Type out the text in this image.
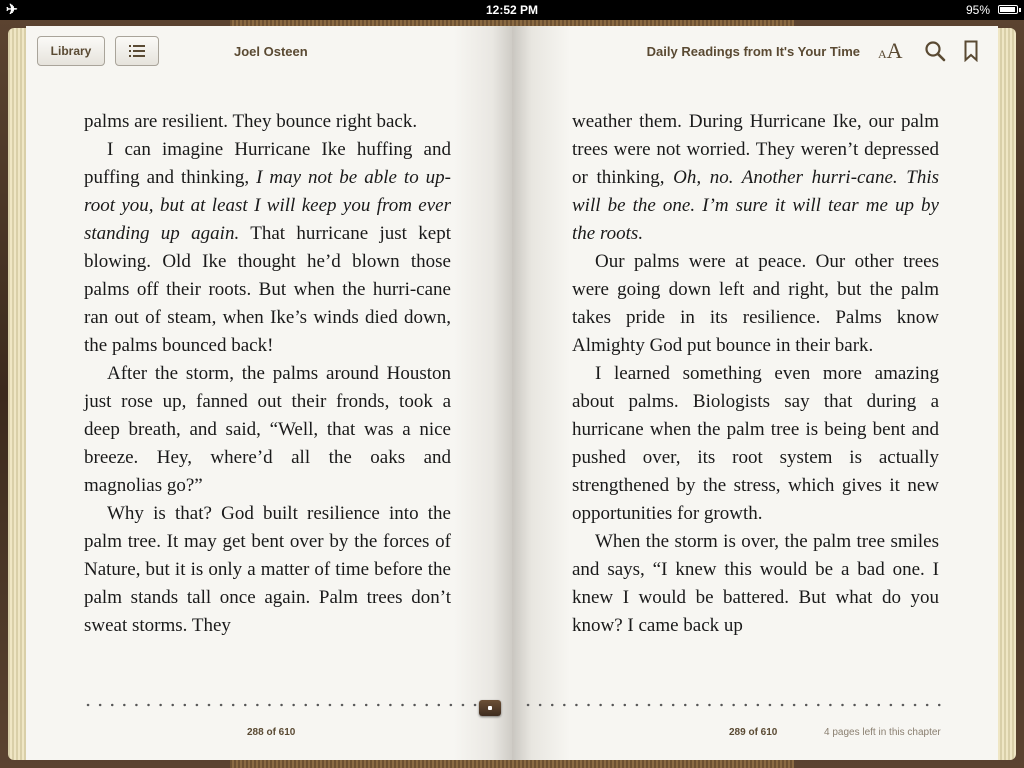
✈	12:52 PM	95%
Library	Joel Osteen	Daily Readings from It's Your Time AA

palms are resilient. They bounce right back.

I can imagine Hurricane Ike huffing and puffing and thinking, I may not be able to up-root you, but at least I will keep you from ever standing up again. That hurricane just kept blowing. Old Ike thought he’d blown those palms off their roots. But when the hurri-cane ran out of steam, when Ike’s winds died down, the palms bounced back!

After the storm, the palms around Houston just rose up, fanned out their fronds, took a deep breath, and said, “Well, that was a nice breeze. Hey, where’d all the oaks and magnolias go?”

Why is that? God built resilience into the palm tree. It may get bent over by the forces of Nature, but it is only a matter of time before the palm stands tall once again. Palm trees don’t sweat storms. They

weather them. During Hurricane Ike, our palm trees were not worried. They weren’t depressed or thinking, Oh, no. Another hurri-cane. This will be the one. I’m sure it will tear me up by the roots.

Our palms were at peace. Our other trees were going down left and right, but the palm takes pride in its resilience. Palms know Almighty God put bounce in their bark.

I learned something even more amazing about palms. Biologists say that during a hurricane when the palm tree is being bent and pushed over, its root system is actually strengthened by the stress, which gives it new opportunities for growth.

When the storm is over, the palm tree smiles and says, “I knew this would be a bad one. I knew I would be battered. But what do you know? I came back up

288 of 610	289 of 610	4 pages left in this chapter
